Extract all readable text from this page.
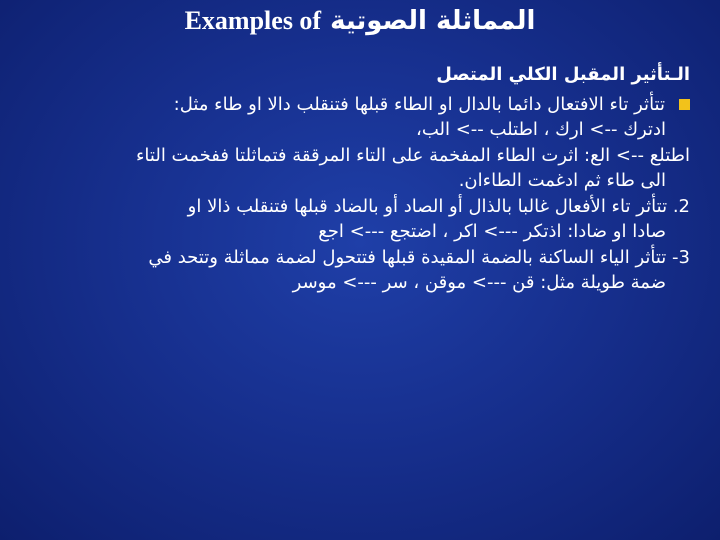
Examples of المماثلة الصوتية
الـتأثير المقبل الكلي المتصل
تتأثر تاء الافتعال دائما بالدال او الطاء قبلها فتنقلب دالا او طاء مثل:
ادترك --> ارك ، اطتلب --> الب،
اطتلع --> الع: اثرت الطاء المفخمة على التاء المرققة فتماثلتا ففخمت التاء
الى طاء ثم ادغمت الطاءان.
2. تتأثر تاء الأفعال غالبا بالذال أو الصاد أو بالضاد قبلها فتنقلب ذالا او
صادا او ضادا: اذتكر ---> اكر ، اضتجع ---> اجع
3- تتأثر الياء الساكنة بالضمة المقيدة قبلها فتتحول لضمة مماثلة وتتحد في
ضمة طويلة مثل: قن ---> موقن ، سر ---> موسر
